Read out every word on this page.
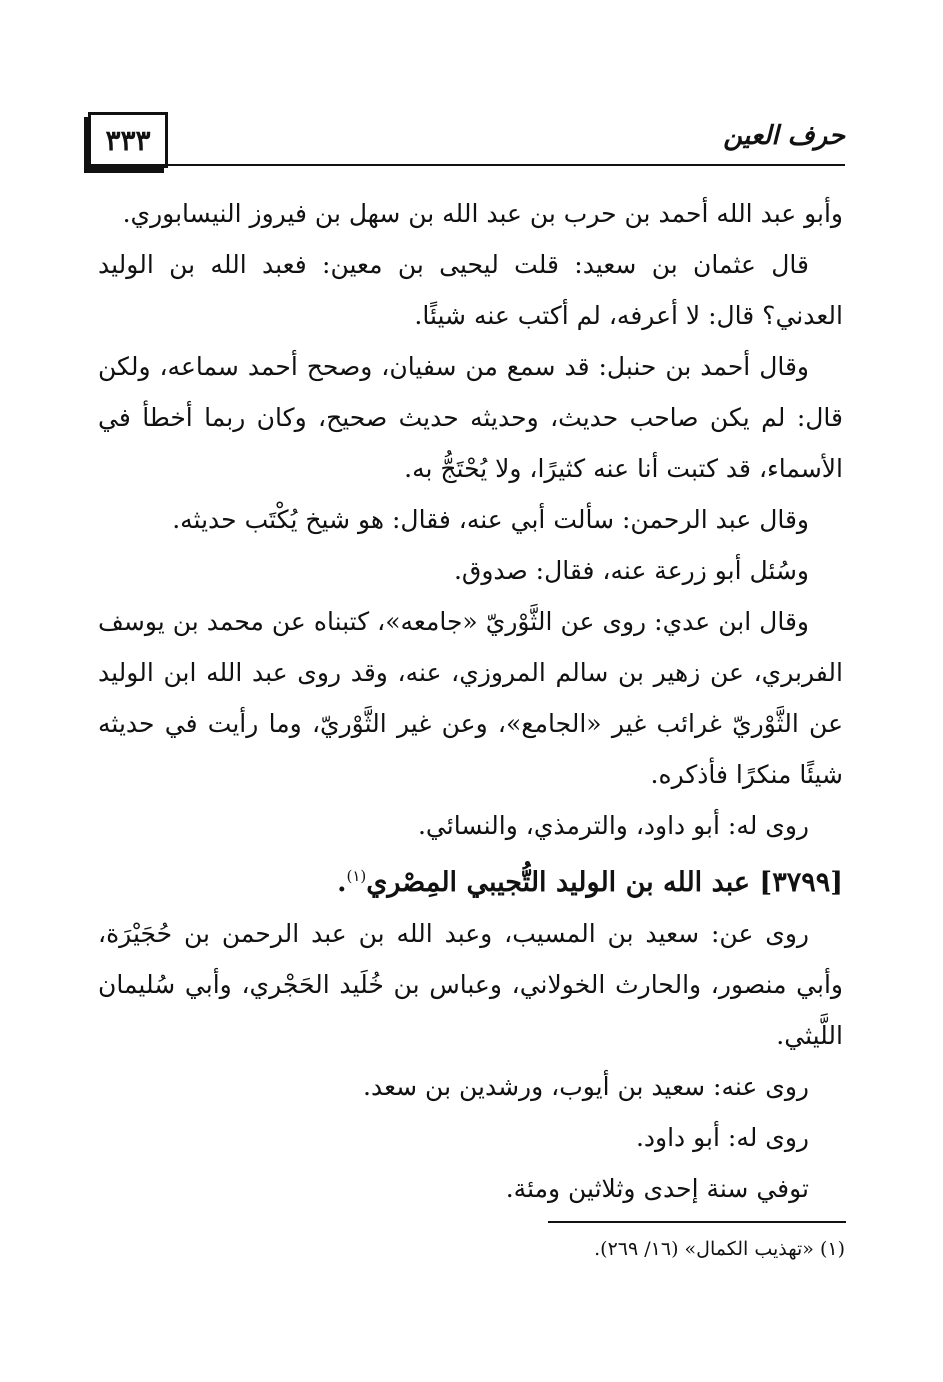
٣٣٣	حرف العين

وأبو عبد الله أحمد بن حرب بن عبد الله بن سهل بن فيروز النيسابوري.

قال عثمان بن سعيد: قلت ليحيى بن معين: فعبد الله بن الوليد العدني؟ قال: لا أعرفه، لم أكتب عنه شيئًا.

وقال أحمد بن حنبل: قد سمع من سفيان، وصحح أحمد سماعه، ولكن قال: لم يكن صاحب حديث، وحديثه حديث صحيح، وكان ربما أخطأ في الأسماء، قد كتبت أنا عنه كثيرًا، ولا يُحْتَجُّ به.

وقال عبد الرحمن: سألت أبي عنه، فقال: هو شيخ يُكْتَب حديثه.

وسُئل أبو زرعة عنه، فقال: صدوق.

وقال ابن عدي: روى عن الثَّوْريّ «جامعه»، كتبناه عن محمد بن يوسف الفربري، عن زهير بن سالم المروزي، عنه، وقد روى عبد الله ابن الوليد عن الثَّوْريّ غرائب غير «الجامع»، وعن غير الثَّوْريّ، وما رأيت في حديثه شيئًا منكرًا فأذكره.

روى له: أبو داود، والترمذي، والنسائي.

[٣٧٩٩] عبد الله بن الوليد التُّجيبي المِصْري$^{(١)}$.

روى عن: سعيد بن المسيب، وعبد الله بن عبد الرحمن بن حُجَيْرَة، وأبي منصور، والحارث الخولاني، وعباس بن خُلَيد الحَجْري، وأبي سُليمان اللَّيثي.

روى عنه: سعيد بن أيوب، ورشدين بن سعد.

روى له: أبو داود.

توفي سنة إحدى وثلاثين ومئة.

(١) «تهذيب الكمال» (١٦/ ٢٦٩).
